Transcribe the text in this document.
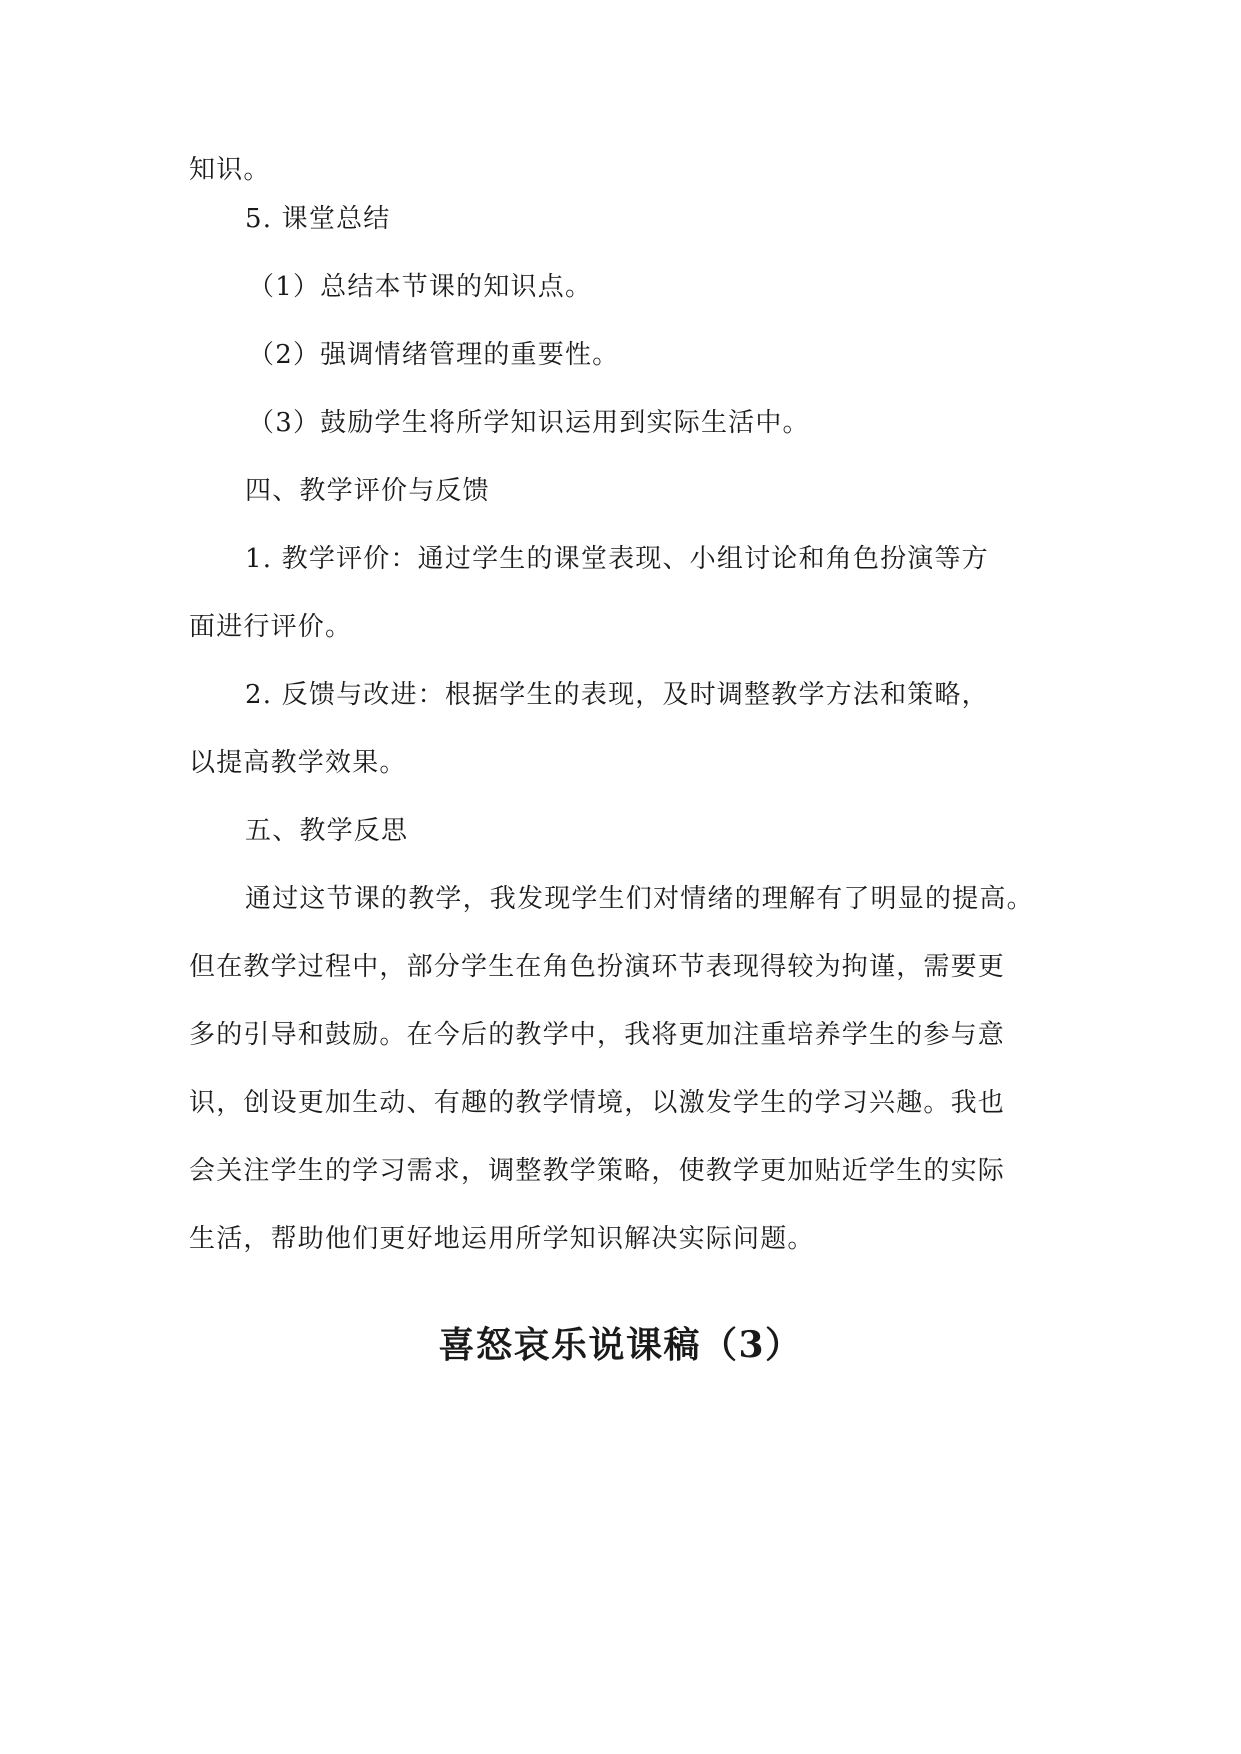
知识。
5. 课堂总结
（1）总结本节课的知识点。
（2）强调情绪管理的重要性。
（3）鼓励学生将所学知识运用到实际生活中。
四、教学评价与反馈
1. 教学评价：通过学生的课堂表现、小组讨论和角色扮演等方
面进行评价。
2. 反馈与改进：根据学生的表现，及时调整教学方法和策略，
以提高教学效果。
五、教学反思
通过这节课的教学，我发现学生们对情绪的理解有了明显的提高。
但在教学过程中，部分学生在角色扮演环节表现得较为拘谨，需要更
多的引导和鼓励。在今后的教学中，我将更加注重培养学生的参与意
识，创设更加生动、有趣的教学情境，以激发学生的学习兴趣。我也
会关注学生的学习需求，调整教学策略，使教学更加贴近学生的实际
生活，帮助他们更好地运用所学知识解决实际问题。
喜怒哀乐说课稿（3）
